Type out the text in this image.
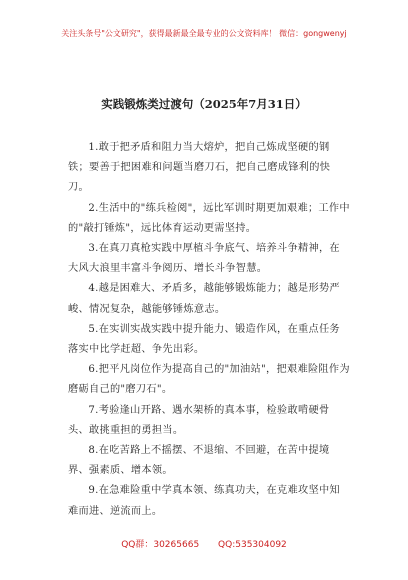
关注头条号"公文研究"，获得最新最全最专业的公文资料库！ 微信：gongwenyj
实践锻炼类过渡句（2025年7月31日）

1.敢于把矛盾和阻力当大熔炉，把自己炼成坚硬的钢铁；要善于把困难和问题当磨刀石，把自己磨成锋利的快刀。

2.生活中的"练兵检阅"，远比军训时期更加艰难；工作中的"敲打锤炼"，远比体育运动更需坚持。

3.在真刀真枪实践中厚植斗争底气、培养斗争精神，在大风大浪里丰富斗争阅历、增长斗争智慧。

4.越是困难大、矛盾多，越能够锻炼能力；越是形势严峻、情况复杂，越能够锤炼意志。

5.在实训实战实践中提升能力、锻造作风，在重点任务落实中比学赶超、争先出彩。

6.把平凡岗位作为提高自己的"加油站"，把艰难险阻作为磨砺自己的"磨刀石"。

7.考验逢山开路、遇水架桥的真本事，检验敢啃硬骨头、敢挑重担的勇担当。

8.在吃苦路上不摇摆、不退缩、不回避，在苦中提境界、强素质、增本领。

9.在急难险重中学真本领、练真功夫，在克难攻坚中知难而进、逆流而上。

QQ群：30265665 QQ:535304092
